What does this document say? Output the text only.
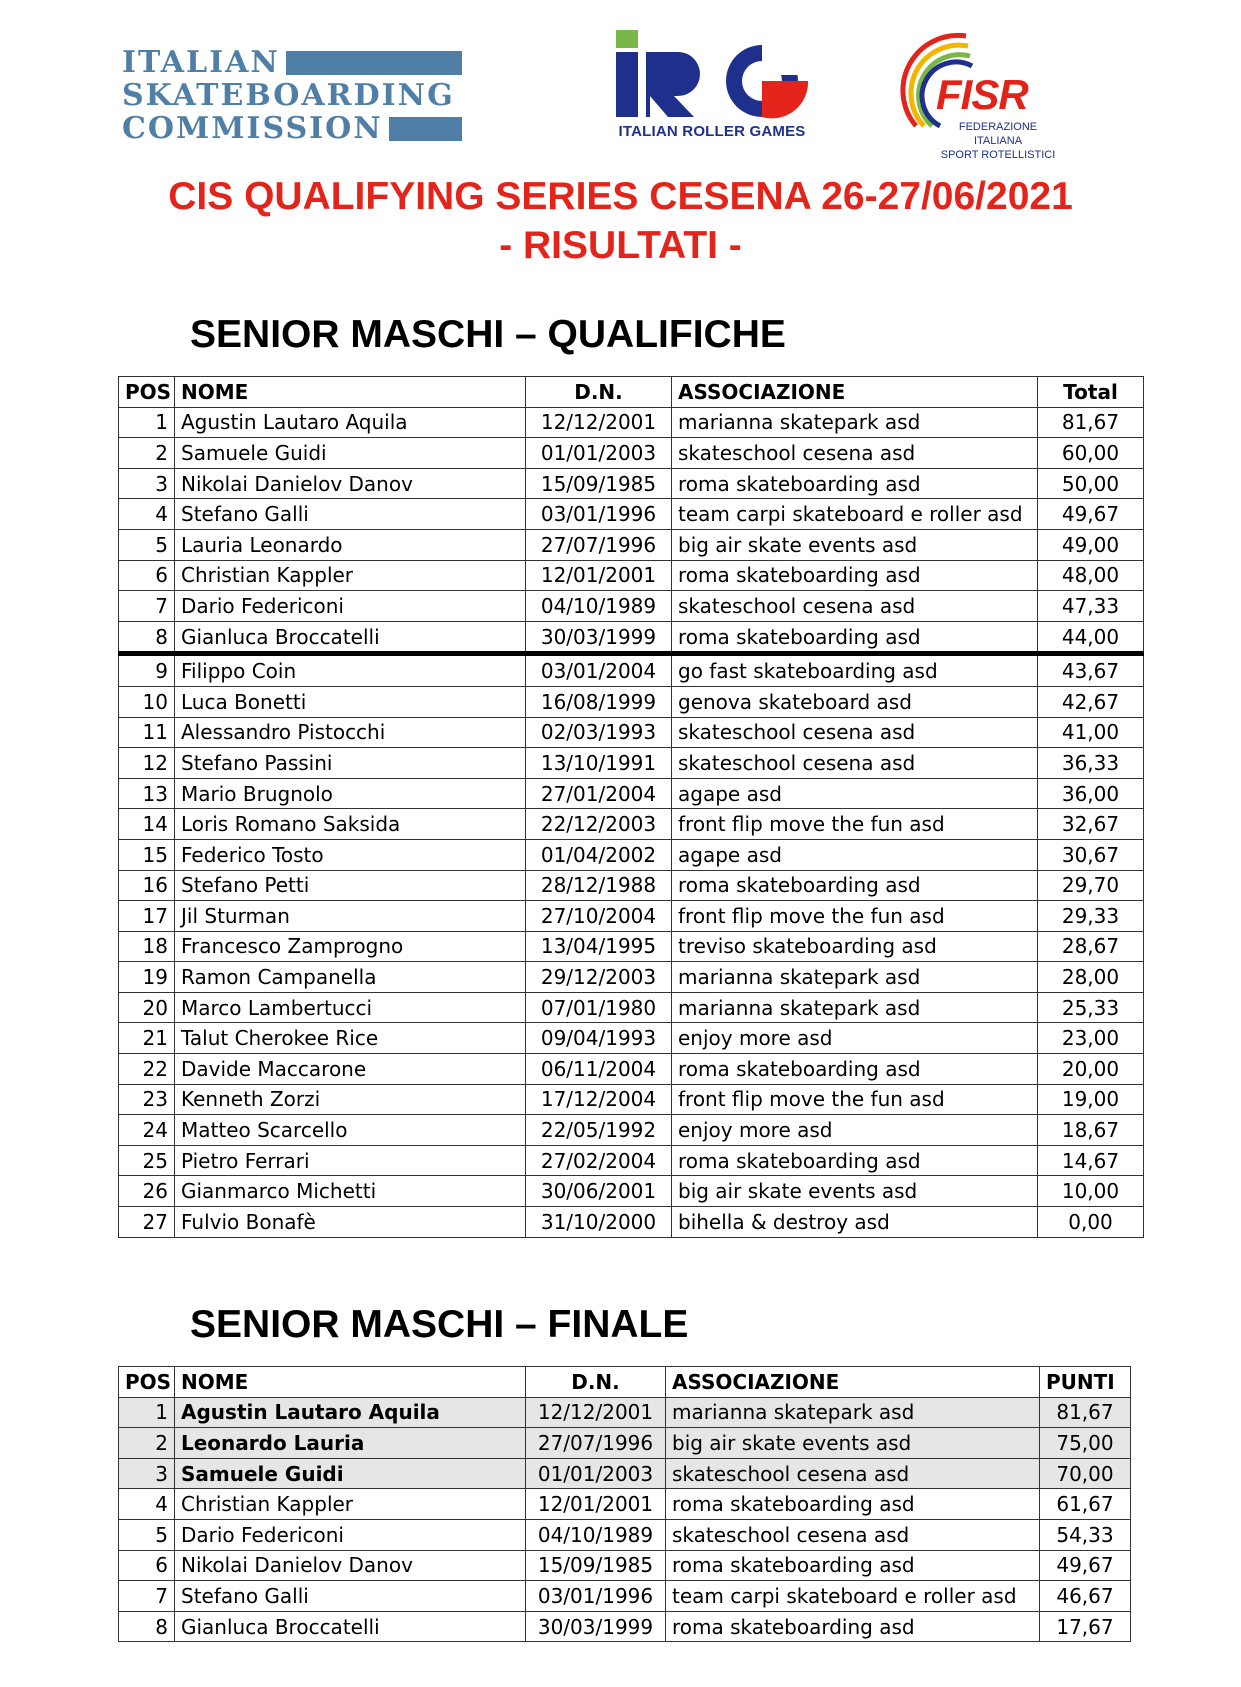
ITALIAN
SKATEBOARDING
COMMISSION	ITALIAN ROLLER GAMES
FISR
FEDERAZIONE ITALIANA
SPORT ROTELLISTICI
CIS QUALIFYING SERIES CESENA 26-27/06/2021
- RISULTATI -
SENIOR MASCHI – QUALIFICHE
POS	NOME	D.N.	ASSOCIAZIONE	Total
1	Agustin Lautaro Aquila	12/12/2001	marianna skatepark asd	81,67
2	Samuele Guidi	01/01/2003	skateschool cesena asd	60,00
3	Nikolai Danielov Danov	15/09/1985	roma skateboarding asd	50,00
4	Stefano Galli	03/01/1996	team carpi skateboard e roller asd	49,67
5	Lauria Leonardo	27/07/1996	big air skate events asd	49,00
6	Christian Kappler	12/01/2001	roma skateboarding asd	48,00
7	Dario Federiconi	04/10/1989	skateschool cesena asd	47,33
8	Gianluca Broccatelli	30/03/1999	roma skateboarding asd	44,00
9	Filippo Coin	03/01/2004	go fast skateboarding asd	43,67
10	Luca Bonetti	16/08/1999	genova skateboard asd	42,67
11	Alessandro Pistocchi	02/03/1993	skateschool cesena asd	41,00
12	Stefano Passini	13/10/1991	skateschool cesena asd	36,33
13	Mario Brugnolo	27/01/2004	agape asd	36,00
14	Loris Romano Saksida	22/12/2003	front flip move the fun asd	32,67
15	Federico Tosto	01/04/2002	agape asd	30,67
16	Stefano Petti	28/12/1988	roma skateboarding asd	29,70
17	Jil Sturman	27/10/2004	front flip move the fun asd	29,33
18	Francesco Zamprogno	13/04/1995	treviso skateboarding asd	28,67
19	Ramon Campanella	29/12/2003	marianna skatepark asd	28,00
20	Marco Lambertucci	07/01/1980	marianna skatepark asd	25,33
21	Talut Cherokee Rice	09/04/1993	enjoy more asd	23,00
22	Davide Maccarone	06/11/2004	roma skateboarding asd	20,00
23	Kenneth Zorzi	17/12/2004	front flip move the fun asd	19,00
24	Matteo Scarcello	22/05/1992	enjoy more asd	18,67
25	Pietro Ferrari	27/02/2004	roma skateboarding asd	14,67
26	Gianmarco Michetti	30/06/2001	big air skate events asd	10,00
27	Fulvio Bonafè	31/10/2000	bihella & destroy asd	0,00
SENIOR MASCHI – FINALE
POS	NOME	D.N.	ASSOCIAZIONE	PUNTI
1	Agustin Lautaro Aquila	12/12/2001	marianna skatepark asd	81,67
2	Leonardo Lauria	27/07/1996	big air skate events asd	75,00
3	Samuele Guidi	01/01/2003	skateschool cesena asd	70,00
4	Christian Kappler	12/01/2001	roma skateboarding asd	61,67
5	Dario Federiconi	04/10/1989	skateschool cesena asd	54,33
6	Nikolai Danielov Danov	15/09/1985	roma skateboarding asd	49,67
7	Stefano Galli	03/01/1996	team carpi skateboard e roller asd	46,67
8	Gianluca Broccatelli	30/03/1999	roma skateboarding asd	17,67
